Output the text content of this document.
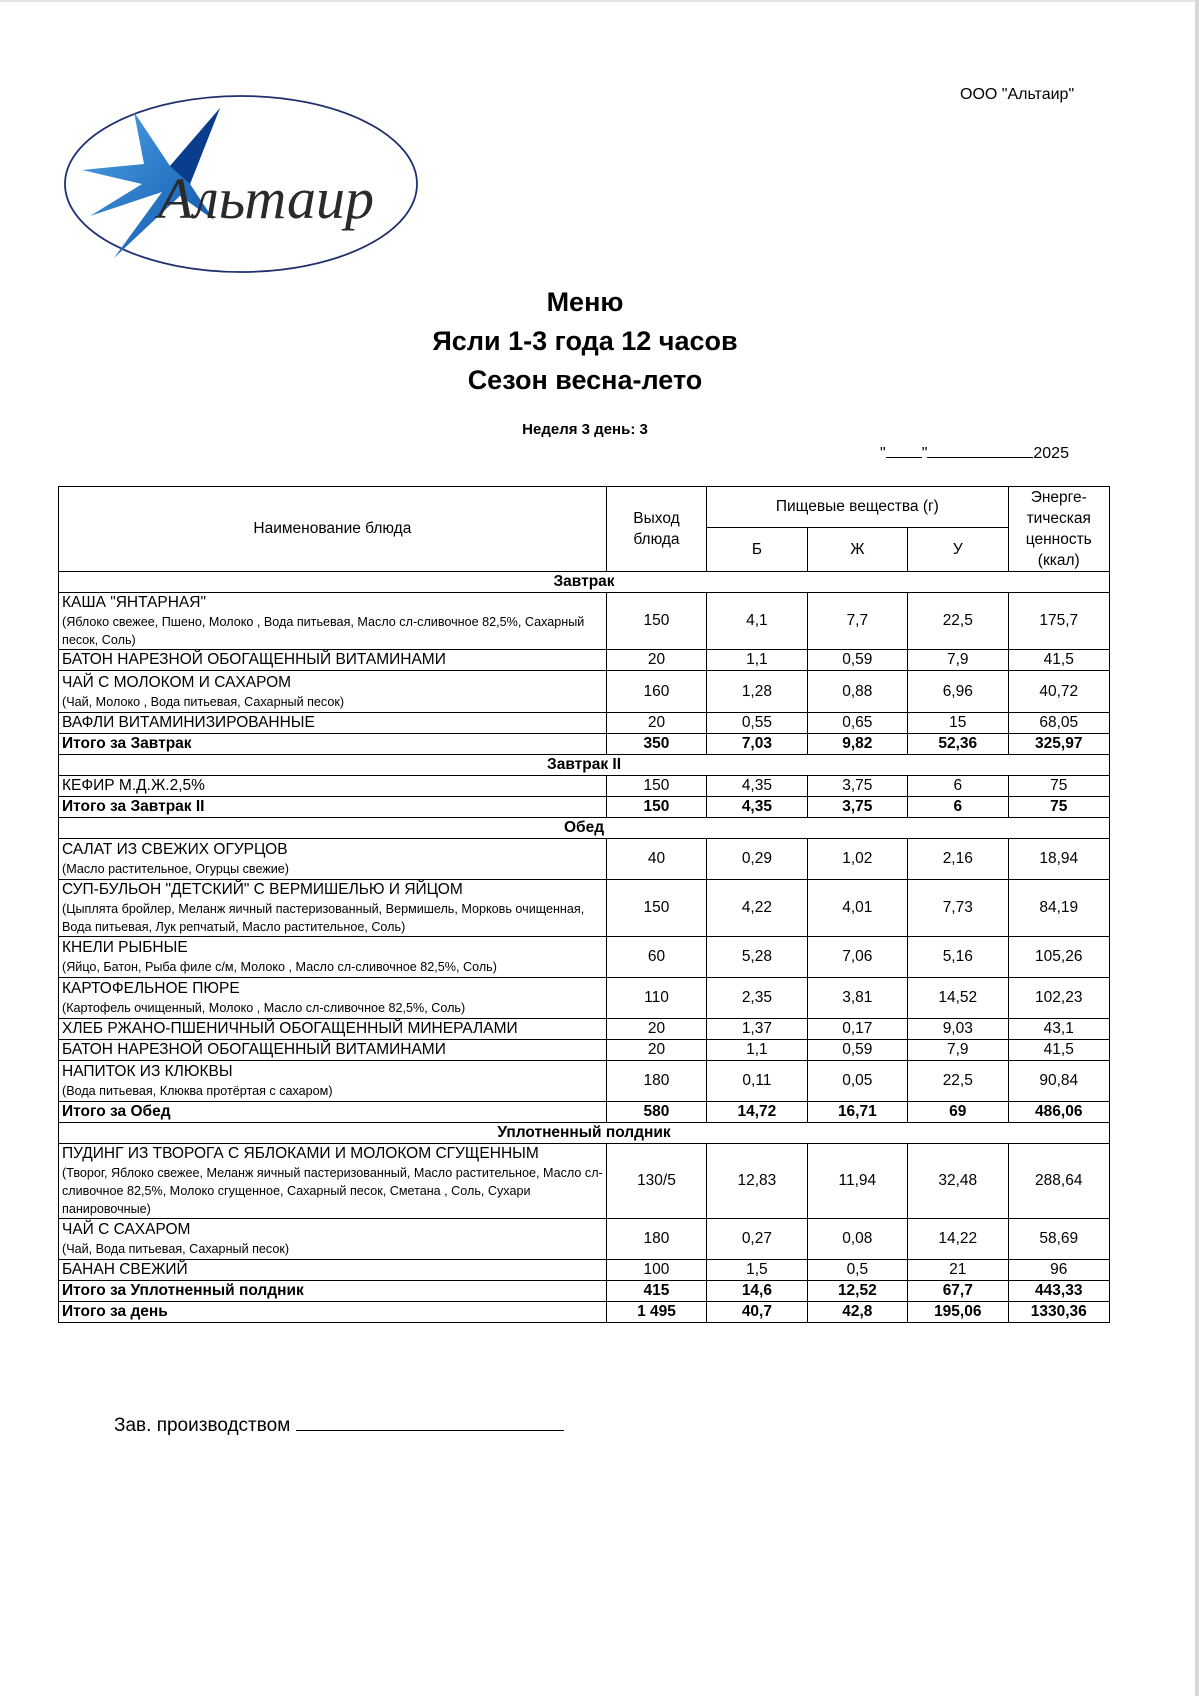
Альтаир
ООО "Альтаир"
Меню
Ясли 1-3 года 12 часов
Сезон весна-лето
Неделя 3 день: 3
" "	2025
Наименование блюда	Выход блюда	Пищевые вещества (г)			Энерге-тическая ценность (ккал)

		Б	Ж	У	
Завтрак					

КАША "ЯНТАРНАЯ"
(Яблоко свежее, Пшено, Молоко , Вода питьевая, Масло сл-сливочное 82,5%, Сахарный песок, Соль)	150	4,1	7,7	22,5	175,7

БАТОН НАРЕЗНОЙ ОБОГАЩЕННЫЙ ВИТАМИНАМИ	20	1,1	0,59	7,9	41,5

ЧАЙ С МОЛОКОМ И САХАРОМ
(Чай, Молоко , Вода питьевая, Сахарный песок)	160	1,28	0,88	6,96	40,72

ВАФЛИ ВИТАМИНИЗИРОВАННЫЕ	20	0,55	0,65	15	68,05
Итого за Завтрак	350	7,03	9,82	52,36	325,97
Завтрак II					

КЕФИР М.Д.Ж.2,5%	150	4,35	3,75	6	75
Итого за Завтрак II	150	4,35	3,75	6	75
Обед					

САЛАТ ИЗ СВЕЖИХ ОГУРЦОВ
(Масло растительное, Огурцы свежие)	40	0,29	1,02	2,16	18,94

СУП-БУЛЬОН "ДЕТСКИЙ" С ВЕРМИШЕЛЬЮ И ЯЙЦОМ
(Цыплята бройлер, Меланж яичный пастеризованный, Вермишель, Морковь очищенная, Вода питьевая, Лук репчатый, Масло растительное, Соль)	150	4,22	4,01	7,73	84,19

КНЕЛИ РЫБНЫЕ
(Яйцо, Батон, Рыба филе с/м, Молоко , Масло сл-сливочное 82,5%, Соль)	60	5,28	7,06	5,16	105,26

КАРТОФЕЛЬНОЕ ПЮРЕ
(Картофель очищенный, Молоко , Масло сл-сливочное 82,5%, Соль)	110	2,35	3,81	14,52	102,23

ХЛЕБ РЖАНО-ПШЕНИЧНЫЙ ОБОГАЩЕННЫЙ МИНЕРАЛАМИ	20	1,37	0,17	9,03	43,1

БАТОН НАРЕЗНОЙ ОБОГАЩЕННЫЙ ВИТАМИНАМИ	20	1,1	0,59	7,9	41,5

НАПИТОК ИЗ КЛЮКВЫ
(Вода питьевая, Клюква протёртая с сахаром)	180	0,11	0,05	22,5	90,84
Итого за Обед	580	14,72	16,71	69	486,06
Уплотненный полдник					

ПУДИНГ ИЗ ТВОРОГА С ЯБЛОКАМИ И МОЛОКОМ СГУЩЕННЫМ
(Творог, Яблоко свежее, Меланж яичный пастеризованный, Масло растительное, Масло сл-сливочное 82,5%, Молоко сгущенное, Сахарный песок, Сметана , Соль, Сухари панировочные)	130/5	12,83	11,94	32,48	288,64

ЧАЙ С САХАРОМ
(Чай, Вода питьевая, Сахарный песок)	180	0,27	0,08	14,22	58,69

БАНАН СВЕЖИЙ	100	1,5	0,5	21	96
Итого за Уплотненный полдник	415	14,6	12,52	67,7	443,33
Итого за день	1 495	40,7	42,8	195,06	1330,36
Зав. производством
